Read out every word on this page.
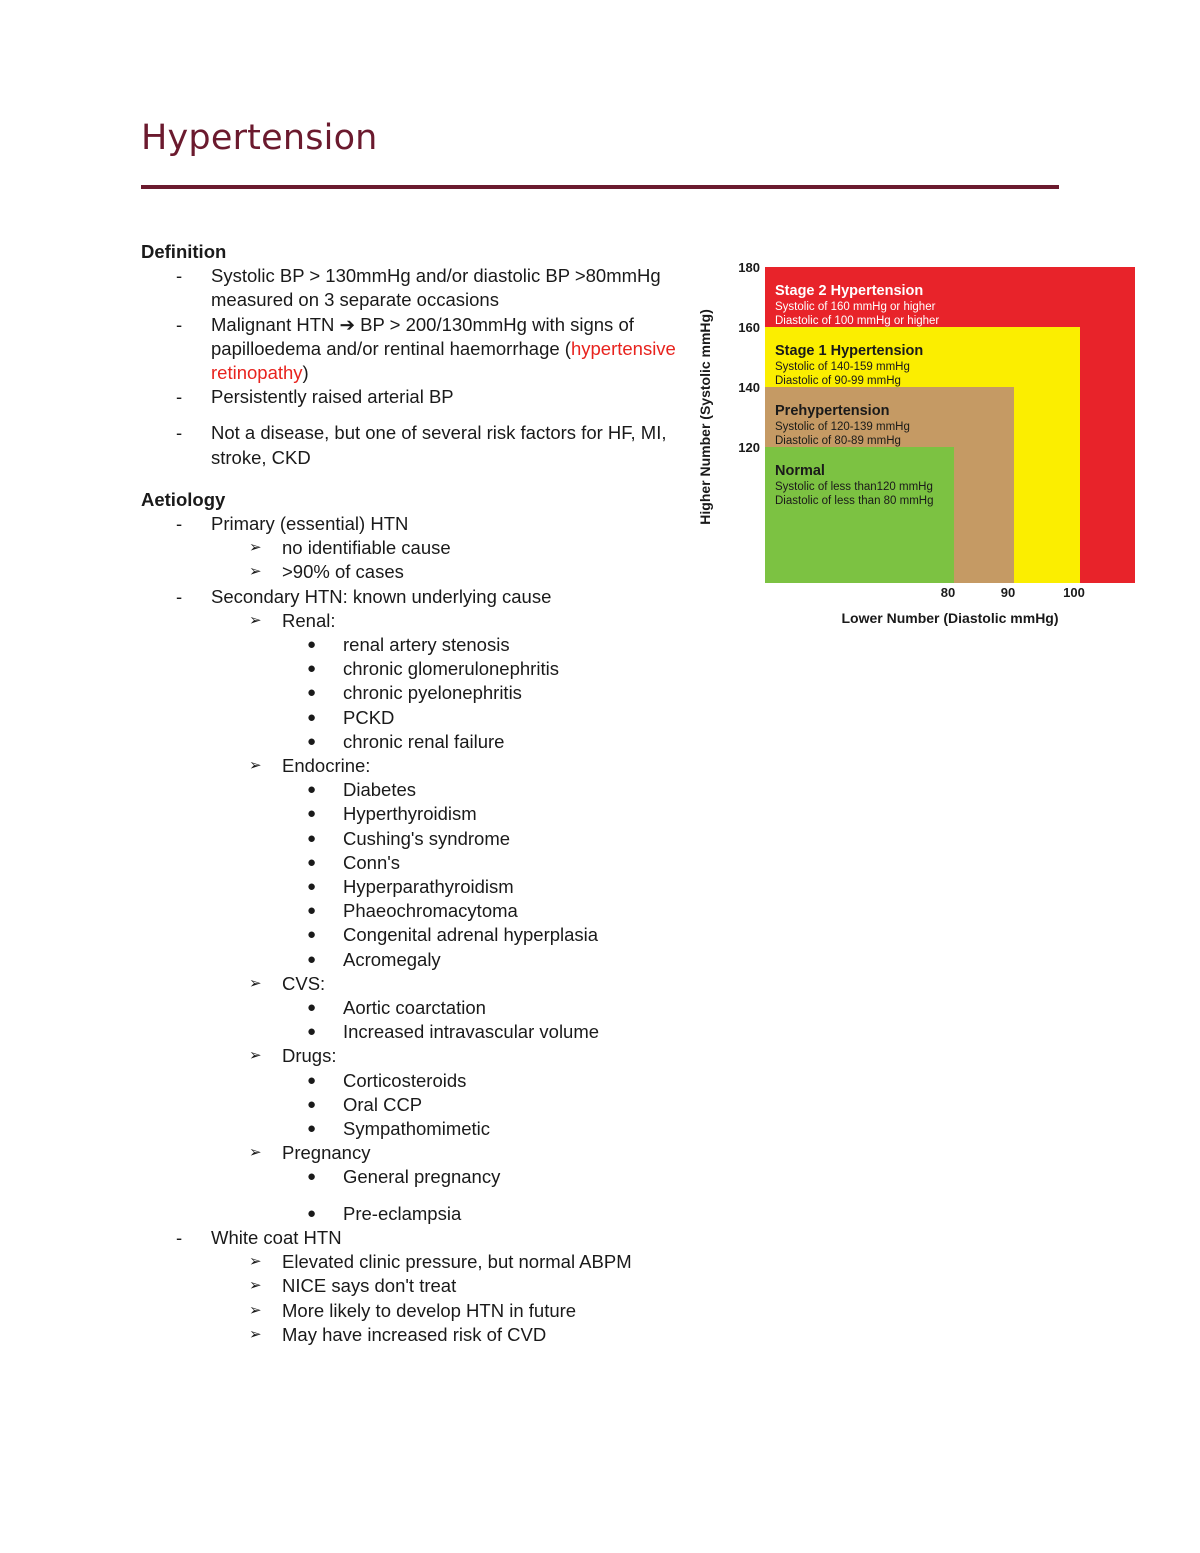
Hypertension
Definition
- Systolic BP > 130mmHg and/or diastolic BP >80mmHg measured on 3 separate occasions
- Malignant HTN ➔ BP > 200/130mmHg with signs of papilloedema and/or rentinal haemorrhage (hypertensive retinopathy)
- Persistently raised arterial BP
- Not a disease, but one of several risk factors for HF, MI, stroke, CKD
Aetiology
- Primary (essential) HTN
➢ no identifiable cause
➢ >90% of cases
- Secondary HTN: known underlying cause
➢ Renal:
● renal artery stenosis
● chronic glomerulonephritis
● chronic pyelonephritis
● PCKD
● chronic renal failure
➢ Endocrine:
● Diabetes
● Hyperthyroidism
● Cushing's syndrome
● Conn's
● Hyperparathyroidism
● Phaeochromacytoma
● Congenital adrenal hyperplasia
● Acromegaly
➢ CVS:
● Aortic coarctation
● Increased intravascular volume
➢ Drugs:
● Corticosteroids
● Oral CCP
● Sympathomimetic
➢ Pregnancy
● General pregnancy
● Pre-eclampsia
- White coat HTN
➢ Elevated clinic pressure, but normal ABPM
➢ NICE says don't treat
➢ More likely to develop HTN in future
➢ May have increased risk of CVD
Stage 2 Hypertension
Systolic of 160 mmHg or higher
Diastolic of 100 mmHg or higher
Stage 1 Hypertension
Systolic of 140-159 mmHg
Diastolic of 90-99 mmHg
Prehypertension
Systolic of 120-139 mmHg
Diastolic of 80-89 mmHg
Normal
Systolic of less than120 mmHg
Diastolic of less than 80 mmHg
180
160
140
120
80	90	100
Lower Number (Diastolic mmHg)
Higher Number (Systolic mmHg)
